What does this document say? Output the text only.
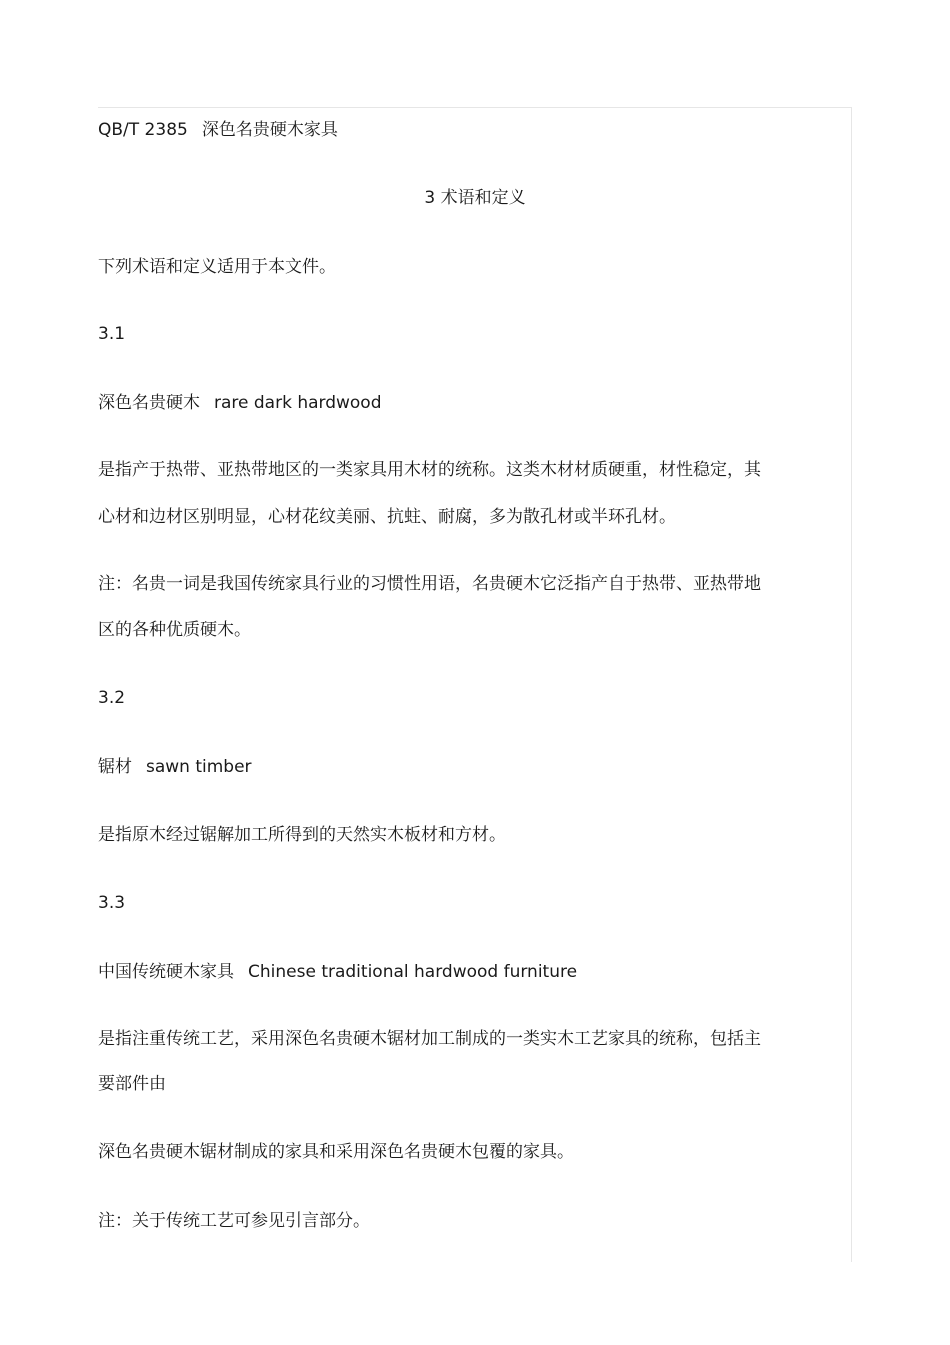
QB/T 2385 深色名贵硬木家具
3 术语和定义
下列术语和定义适用于本文件。
3.1
深色名贵硬木 rare dark hardwood
是指产于热带、亚热带地区的一类家具用木材的统称。这类木材材质硬重，材性稳定，其
心材和边材区别明显，心材花纹美丽、抗蛀、耐腐，多为散孔材或半环孔材。
注：名贵一词是我国传统家具行业的习惯性用语，名贵硬木它泛指产自于热带、亚热带地
区的各种优质硬木。
3.2
锯材 sawn timber
是指原木经过锯解加工所得到的天然实木板材和方材。
3.3
中国传统硬木家具 Chinese traditional hardwood furniture
是指注重传统工艺，采用深色名贵硬木锯材加工制成的一类实木工艺家具的统称，包括主
要部件由
深色名贵硬木锯材制成的家具和采用深色名贵硬木包覆的家具。
注：关于传统工艺可参见引言部分。
